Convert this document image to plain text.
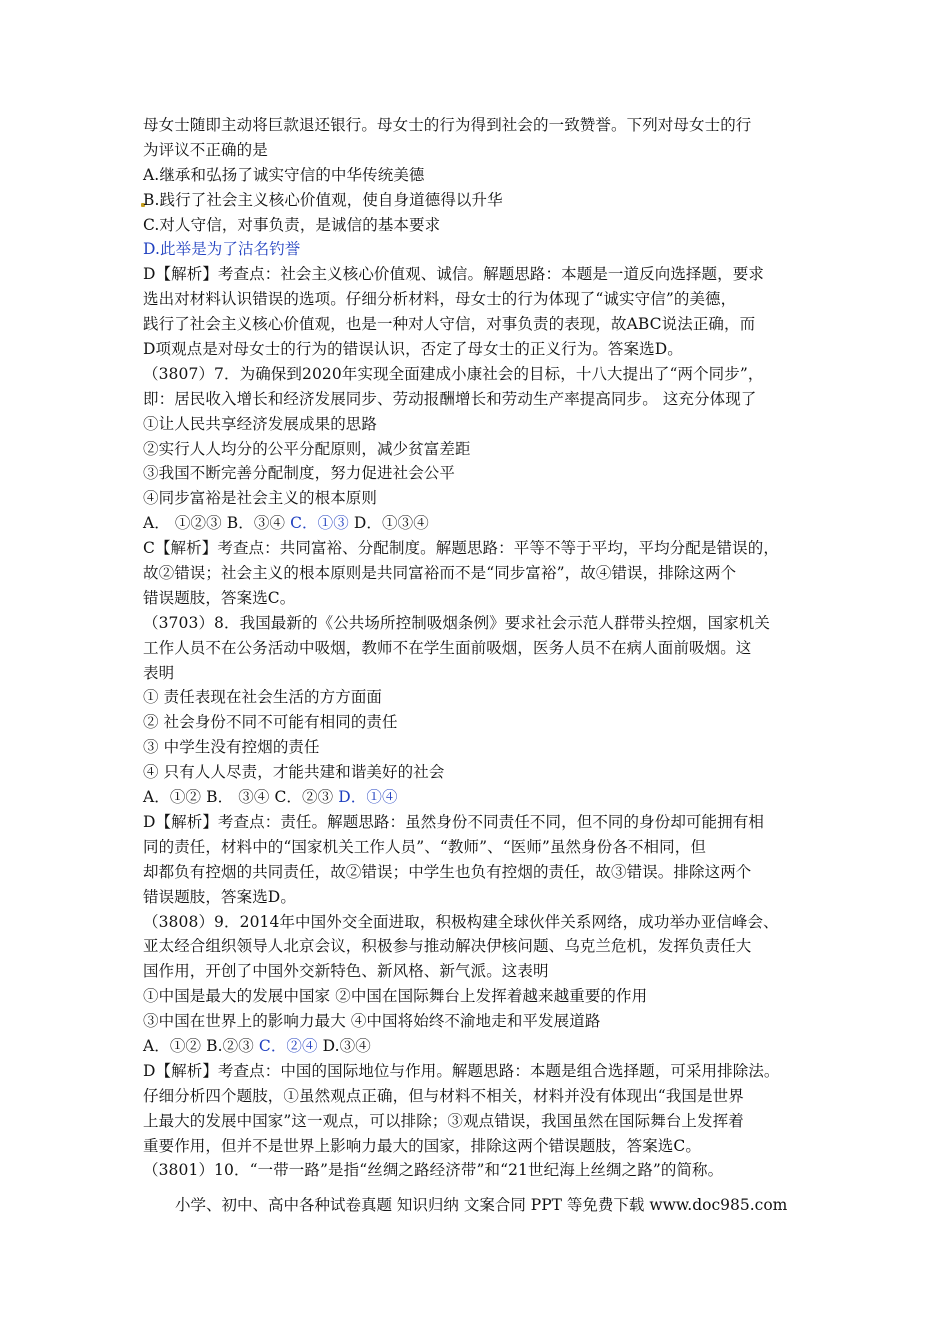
母女士随即主动将巨款退还银行。母女士的行为得到社会的一致赞誉。下列对母女士的行
为评议不正确的是
A.继承和弘扬了诚实守信的中华传统美德
B.践行了社会主义核心价值观，使自身道德得以升华
C.对人守信，对事负责，是诚信的基本要求
D.此举是为了沽名钓誉
D【解析】考查点：社会主义核心价值观、诚信。解题思路：本题是一道反向选择题，要求
选出对材料认识错误的选项。仔细分析材料，母女士的行为体现了“诚实守信”的美德，
践行了社会主义核心价值观，也是一种对人守信，对事负责的表现，故ABC说法正确，而
D项观点是对母女士的行为的错误认识，否定了母女士的正义行为。答案选D。
（3807）7．为确保到2020年实现全面建成小康社会的目标，十八大提出了“两个同步”，
即：居民收入增长和经济发展同步、劳动报酬增长和劳动生产率提高同步。 这充分体现了
①让人民共享经济发展成果的思路
②实行人人均分的公平分配原则，减少贫富差距
③我国不断完善分配制度，努力促进社会公平
④同步富裕是社会主义的根本原则
A． ①②③ B．③④ C．①③ D．①③④
C【解析】考查点：共同富裕、分配制度。解题思路：平等不等于平均，平均分配是错误的，
故②错误；社会主义的根本原则是共同富裕而不是“同步富裕”，故④错误，排除这两个
错误题肢，答案选C。
（3703）8．我国最新的《公共场所控制吸烟条例》要求社会示范人群带头控烟，国家机关
工作人员不在公务活动中吸烟，教师不在学生面前吸烟，医务人员不在病人面前吸烟。这
表明
① 责任表现在社会生活的方方面面
② 社会身份不同不可能有相同的责任
③ 中学生没有控烟的责任
④ 只有人人尽责，才能共建和谐美好的社会
A．①② B． ③④ C．②③ D．①④
D【解析】考查点：责任。解题思路：虽然身份不同责任不同，但不同的身份却可能拥有相
同的责任，材料中的“国家机关工作人员”、“教师”、“医师”虽然身份各不相同，但
却都负有控烟的共同责任，故②错误；中学生也负有控烟的责任，故③错误。排除这两个
错误题肢，答案选D。
（3808）9．2014年中国外交全面进取，积极构建全球伙伴关系网络，成功举办亚信峰会、
亚太经合组织领导人北京会议，积极参与推动解决伊核问题、乌克兰危机，发挥负责任大
国作用，开创了中国外交新特色、新风格、新气派。这表明
①中国是最大的发展中国家 ②中国在国际舞台上发挥着越来越重要的作用
③中国在世界上的影响力最大 ④中国将始终不渝地走和平发展道路
A．①② B.②③ C．②④ D.③④
D【解析】考查点：中国的国际地位与作用。解题思路：本题是组合选择题，可采用排除法。
仔细分析四个题肢，①虽然观点正确，但与材料不相关，材料并没有体现出“我国是世界
上最大的发展中国家”这一观点，可以排除；③观点错误，我国虽然在国际舞台上发挥着
重要作用，但并不是世界上影响力最大的国家，排除这两个错误题肢，答案选C。
（3801）10．“一带一路”是指“丝绸之路经济带”和“21世纪海上丝绸之路”的简称。
小学、初中、高中各种试卷真题 知识归纳 文案合同 PPT 等免费下载 www.doc985.com
